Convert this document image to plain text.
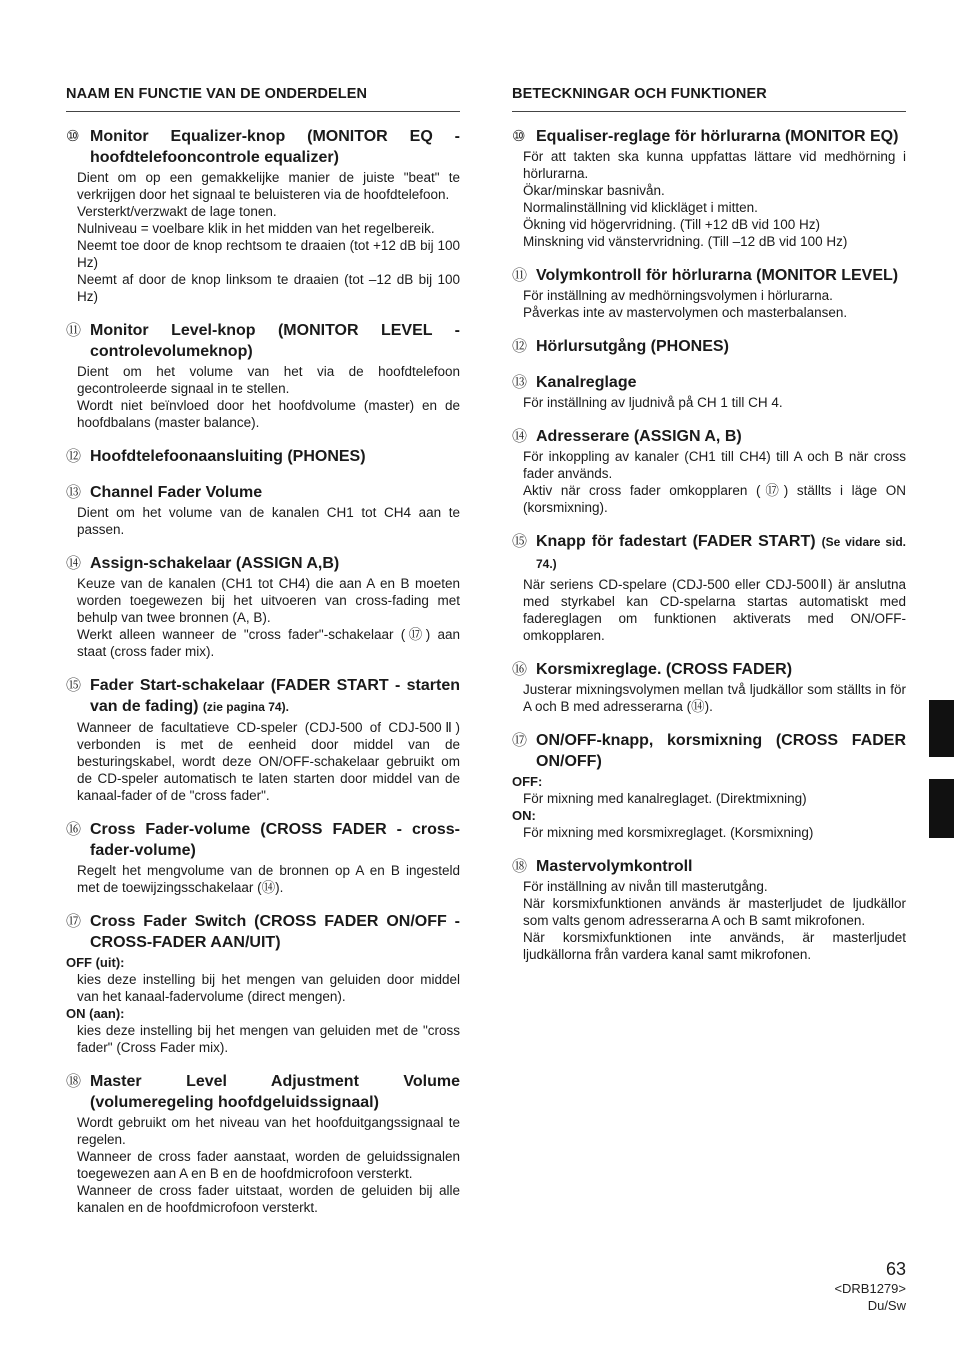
NAAM EN FUNCTIE VAN DE ONDERDELEN
⑩ Monitor Equalizer-knop (MONITOR EQ - hoofdtelefooncontrole equalizer)

Dient om op een gemakkelijke manier de juiste "beat" te verkrijgen door het signaal te beluisteren via de hoofdtelefoon.

Versterkt/verzwakt de lage tonen.

Nulniveau = voelbare klik in het midden van het regelbereik.

Neemt toe door de knop rechtsom te draaien (tot +12 dB bij 100 Hz)

Neemt af door de knop linksom te draaien (tot –12 dB bij 100 Hz)

⑪ Monitor Level-knop (MONITOR LEVEL - controlevolumeknop)

Dient om het volume van het via de hoofdtelefoon gecontroleerde signaal in te stellen.

Wordt niet beïnvloed door het hoofdvolume (master) en de hoofdbalans (master balance).

⑫ Hoofdtelefoonaansluiting (PHONES)
⑬ Channel Fader Volume

Dient om het volume van de kanalen CH1 tot CH4 aan te passen.

⑭ Assign-schakelaar (ASSIGN A,B)

Keuze van de kanalen (CH1 tot CH4) die aan A en B moeten worden toegewezen bij het uitvoeren van cross-fading met behulp van twee bronnen (A, B).

Werkt alleen wanneer de "cross fader"-schakelaar (⑰) aan staat (cross fader mix).

⑮ Fader Start-schakelaar (FADER START - starten van de fading) (zie pagina 74).

Wanneer de facultatieve CD-speler (CDJ-500 of CDJ-500Ⅱ) verbonden is met de eenheid door middel van de besturingskabel, wordt deze ON/OFF-schakelaar gebruikt om de CD-speler automatisch te laten starten door middel van de kanaal-fader of de "cross fader".

⑯ Cross Fader-volume (CROSS FADER - cross-fader-volume)

Regelt het mengvolume van de bronnen op A en B ingesteld met de toewijzingsschakelaar (⑭).

⑰ Cross Fader Switch (CROSS FADER ON/OFF - CROSS-FADER AAN/UIT)
OFF (uit):

kies deze instelling bij het mengen van geluiden door middel van het kanaal-fadervolume (direct mengen).

ON (aan):

kies deze instelling bij het mengen van geluiden met de "cross fader" (Cross Fader mix).

⑱ Master Level Adjustment Volume (volumeregeling hoofdgeluidssignaal)

Wordt gebruikt om het niveau van het hoofduitgangssignaal te regelen.

Wanneer de cross fader aanstaat, worden de geluidssignalen toegewezen aan A en B en de hoofdmicrofoon versterkt.

Wanneer de cross fader uitstaat, worden de geluiden bij alle kanalen en de hoofdmicrofoon versterkt.

BETECKNINGAR OCH FUNKTIONER
⑩ Equaliser-reglage för hörlurarna (MONITOR EQ)

För att takten ska kunna uppfattas lättare vid medhörning i hörlurarna.

Ökar/minskar basnivån.

Normalinställning vid klickläget i mitten.

Ökning vid högervridning. (Till +12 dB vid 100 Hz)

Minskning vid vänstervridning. (Till –12 dB vid 100 Hz)

⑪ Volymkontroll för hörlurarna (MONITOR LEVEL)

För inställning av medhörningsvolymen i hörlurarna.

Påverkas inte av mastervolymen och masterbalansen.

⑫ Hörlursutgång (PHONES)
⑬ Kanalreglage

För inställning av ljudnivå på CH 1 till CH 4.

⑭ Adresserare (ASSIGN A, B)

För inkoppling av kanaler (CH1 till CH4) till A och B när cross fader används.

Aktiv när cross fader omkopplaren (⑰) ställts i läge ON (korsmixning).

⑮ Knapp för fadestart (FADER START) (Se vidare sid. 74.)

När seriens CD-spelare (CDJ-500 eller CDJ-500Ⅱ) är anslutna med styrkabel kan CD-spelarna startas automatiskt med fadereglagen om funktionen aktiverats med ON/OFF-omkopplaren.

⑯ Korsmixreglage. (CROSS FADER)

Justerar mixningsvolymen mellan två ljudkällor som ställts in för A och B med adresserarna (⑭).

⑰ ON/OFF-knapp, korsmixning (CROSS FADER ON/OFF)
OFF:

För mixning med kanalreglaget. (Direktmixning)

ON:

För mixning med korsmixreglaget. (Korsmixning)

⑱ Mastervolymkontroll

För inställning av nivån till masterutgång.

När korsmixfunktionen används är masterljudet de ljudkällor som valts genom adresserarna A och B samt mikrofonen.

När korsmixfunktionen inte används, är masterljudet ljudkällorna från vardera kanal samt mikrofonen.

63
<DRB1279>
Du/Sw
